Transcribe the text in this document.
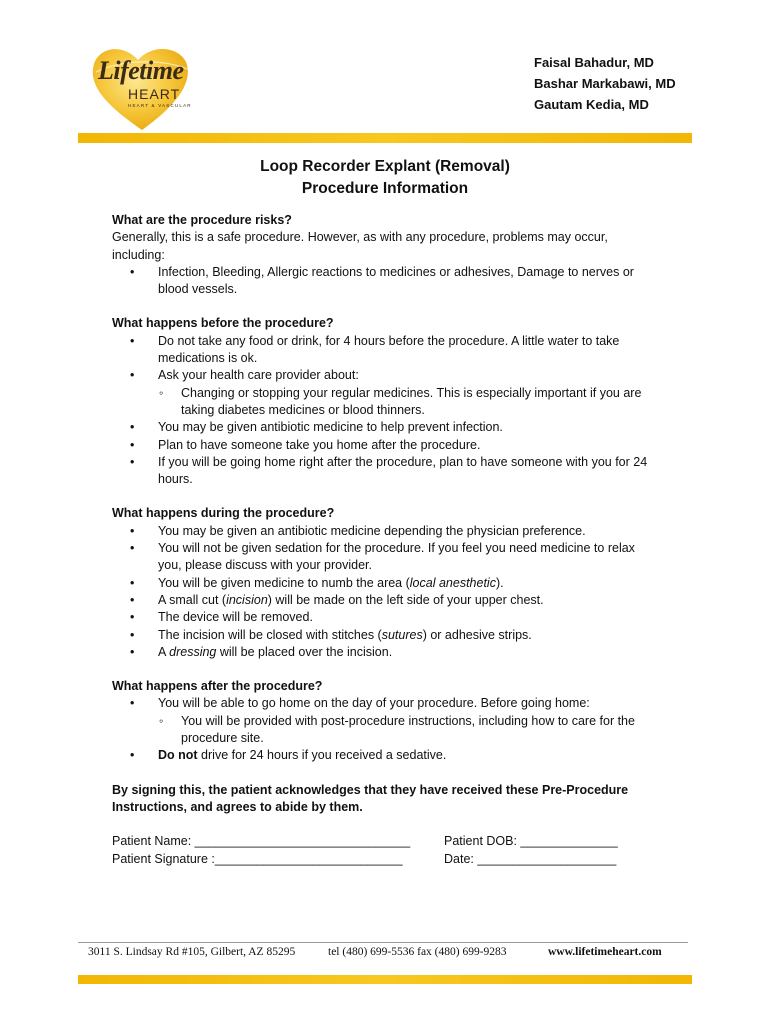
Lifetime
HEART
HEART & VASCULAR
Faisal Bahadur, MD
Bashar Markabawi, MD
Gautam Kedia, MD
Loop Recorder Explant (Removal)
Procedure Information
What are the procedure risks?

Generally, this is a safe procedure. However, as with any procedure, problems may occur, including:

• Infection, Bleeding, Allergic reactions to medicines or adhesives, Damage to nerves or blood vessels.
What happens before the procedure?
• Do not take any food or drink, for 4 hours before the procedure. A little water to take medications is ok.
• Ask your health care provider about:
◦ Changing or stopping your regular medicines. This is especially important if you are taking diabetes medicines or blood thinners.
• You may be given antibiotic medicine to help prevent infection.
• Plan to have someone take you home after the procedure.
• If you will be going home right after the procedure, plan to have someone with you for 24 hours.
What happens during the procedure?
• You may be given an antibiotic medicine depending the physician preference.
• You will not be given sedation for the procedure. If you feel you need medicine to relax you, please discuss with your provider.
• You will be given medicine to numb the area (local anesthetic).
• A small cut (incision) will be made on the left side of your upper chest.
• The device will be removed.
• The incision will be closed with stitches (sutures) or adhesive strips.
• A dressing will be placed over the incision.
What happens after the procedure?
• You will be able to go home on the day of your procedure. Before going home:
◦ You will be provided with post-procedure instructions, including how to care for the procedure site.
• Do not drive for 24 hours if you received a sedative.

By signing this, the patient acknowledges that they have received these Pre-Procedure Instructions, and agrees to abide by them.

Patient Name: _______________________________	Patient DOB: ______________
Patient Signature :___________________________	Date: ____________________
3011 S. Lindsay Rd #105, Gilbert, AZ 85295	tel (480) 699-5536 fax (480) 699-9283	www.lifetimeheart.com
